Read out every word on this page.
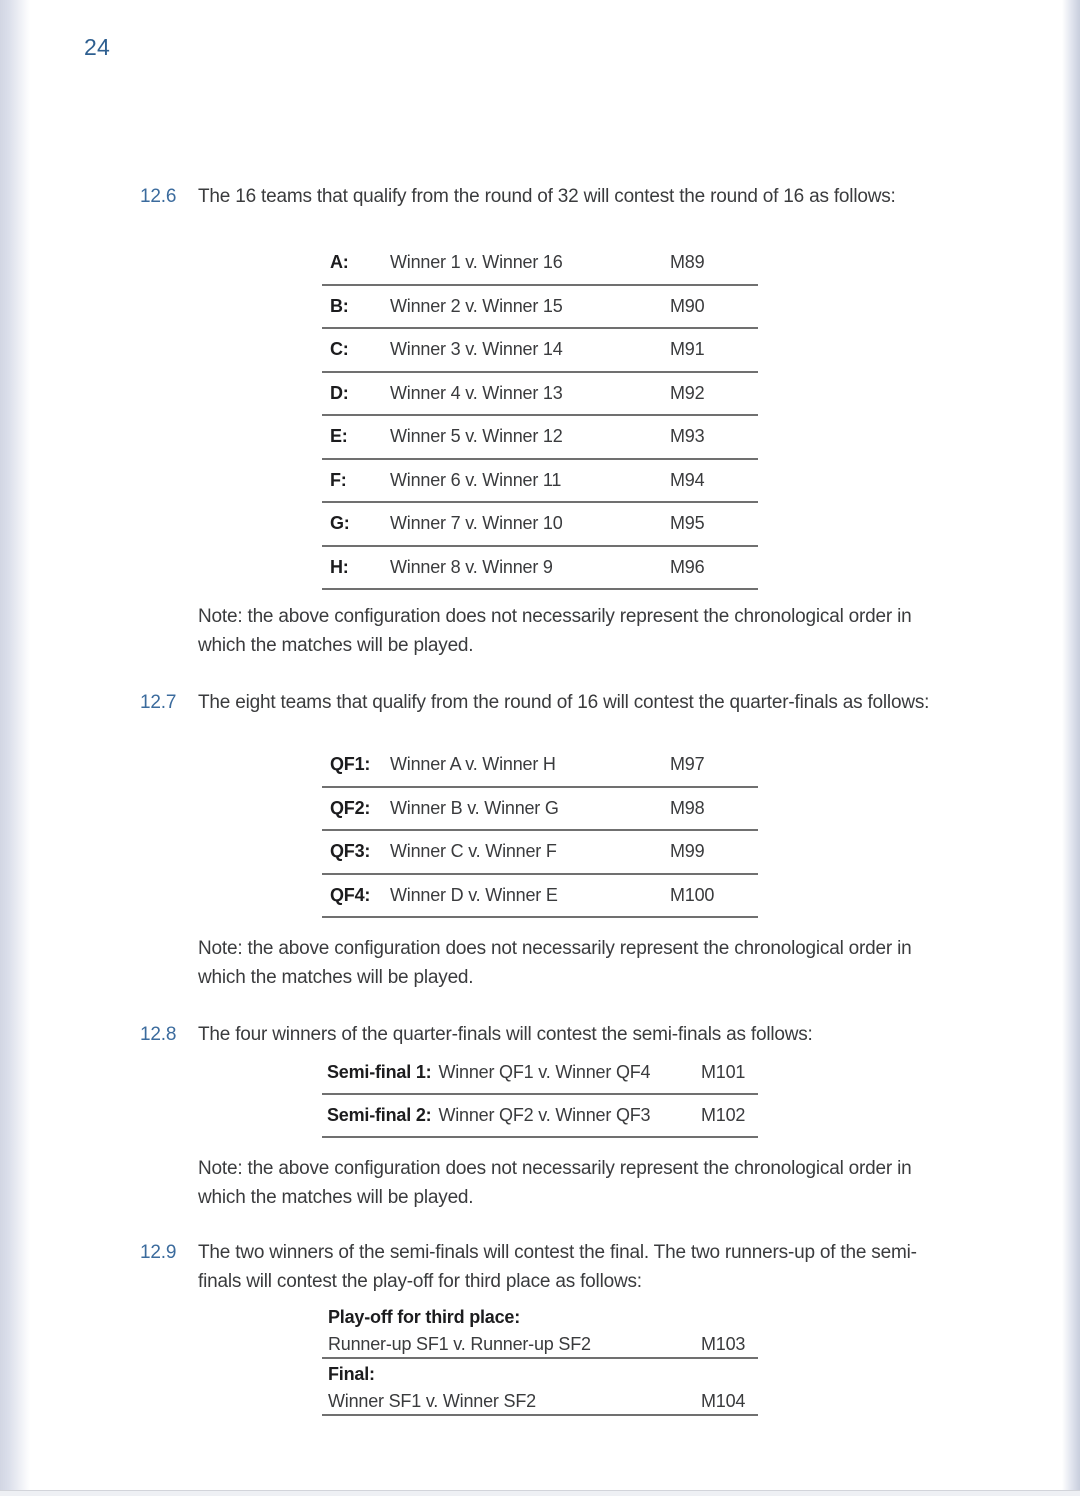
24
12.6 The 16 teams that qualify from the round of 32 will contest the round of 16 as follows:
A:	Winner 1 v. Winner 16	M89
B:	Winner 2 v. Winner 15	M90
C:	Winner 3 v. Winner 14	M91
D:	Winner 4 v. Winner 13	M92
E:	Winner 5 v. Winner 12	M93
F:	Winner 6 v. Winner 11	M94
G:	Winner 7 v. Winner 10	M95
H:	Winner 8 v. Winner 9	M96
Note: the above configuration does not necessarily represent the chronological order in which the matches will be played.
12.7 The eight teams that qualify from the round of 16 will contest the quarter-finals as follows:
QF1:	Winner A v. Winner H	M97
QF2:	Winner B v. Winner G	M98
QF3:	Winner C v. Winner F	M99
QF4:	Winner D v. Winner E	M100
Note: the above configuration does not necessarily represent the chronological order in which the matches will be played.
12.8 The four winners of the quarter-finals will contest the semi-finals as follows:
Semi-final 1: Winner QF1 v. Winner QF4	M101
Semi-final 2: Winner QF2 v. Winner QF3	M102
Note: the above configuration does not necessarily represent the chronological order in which the matches will be played.
12.9 The two winners of the semi-finals will contest the final. The two runners-up of the semi-finals will contest the play-off for third place as follows:
Play-off for third place:
Runner-up SF1 v. Runner-up SF2	M103
Final:
Winner SF1 v. Winner SF2	M104
